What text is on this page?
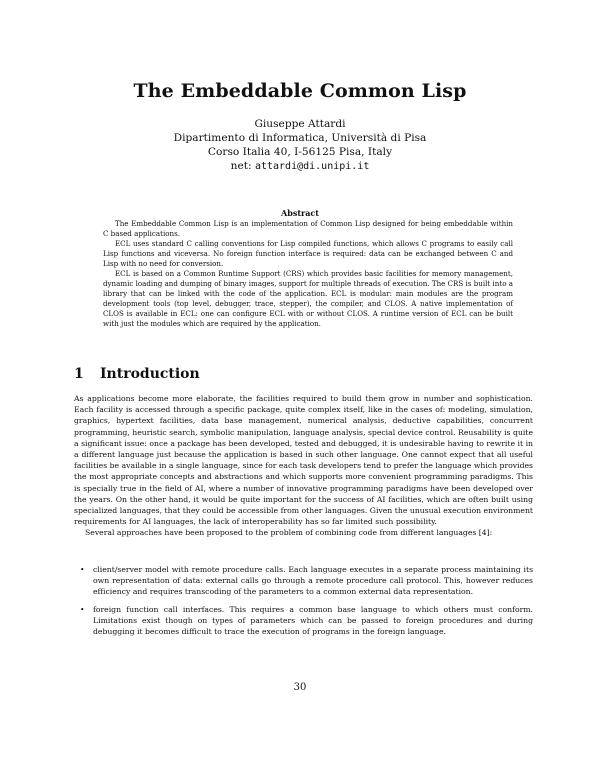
The Embeddable Common Lisp
Giuseppe Attardi
Dipartimento di Informatica, Università di Pisa
Corso Italia 40, I-56125 Pisa, Italy
net: attardi@di.unipi.it
Abstract

The Embeddable Common Lisp is an implementation of Common Lisp designed for being embeddable within C based applications.

ECL uses standard C calling conventions for Lisp compiled functions, which allows C programs to easily call Lisp functions and viceversa. No foreign function interface is required: data can be exchanged between C and Lisp with no need for conversion.

ECL is based on a Common Runtime Support (CRS) which provides basic facilities for memory management, dynamic loading and dumping of binary images, support for multiple threads of execution. The CRS is built into a library that can be linked with the code of the application. ECL is modular: main modules are the program development tools (top level, debugger, trace, stepper), the compiler, and CLOS. A native implementation of CLOS is available in ECL: one can configure ECL with or without CLOS. A runtime version of ECL can be built with just the modules which are required by the application.

1 Introduction

As applications become more elaborate, the facilities required to build them grow in number and sophistication. Each facility is accessed through a specific package, quite complex itself, like in the cases of: modeling, simulation, graphics, hypertext facilities, data base management, numerical analysis, deductive capabilities, concurrent programming, heuristic search, symbolic manipulation, language analysis, special device control. Reusability is quite a significant issue: once a package has been developed, tested and debugged, it is undesirable having to rewrite it in a different language just because the application is based in such other language. One cannot expect that all useful facilities be available in a single language, since for each task developers tend to prefer the language which provides the most appropriate concepts and abstractions and which supports more convenient programming paradigms. This is specially true in the field of AI, where a number of innovative programming paradigms have been developed over the years. On the other hand, it would be quite important for the success of AI facilities, which are often built using specialized languages, that they could be accessible from other languages. Given the unusual execution environment requirements for AI languages, the lack of interoperability has so far limited such possibility.

Several approaches have been proposed to the problem of combining code from different languages [4]:

• client/server model with remote procedure calls. Each language executes in a separate process maintaining its own representation of data: external calls go through a remote procedure call protocol. This, however reduces efficiency and requires transcoding of the parameters to a common external data representation.
• foreign function call interfaces. This requires a common base language to which others must conform. Limitations exist though on types of parameters which can be passed to foreign procedures and during debugging it becomes difficult to trace the execution of programs in the foreign language.
30
